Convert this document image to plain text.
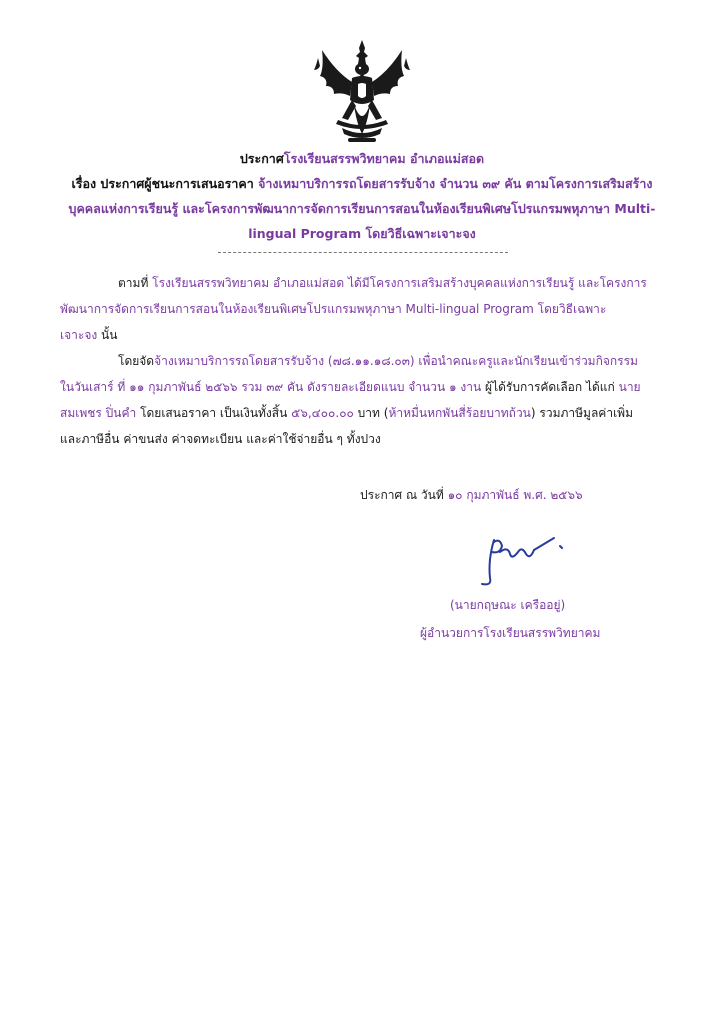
ประกาศโรงเรียนสรรพวิทยาคม อำเภอแม่สอด
เรื่อง ประกาศผู้ชนะการเสนอราคา จ้างเหมาบริการรถโดยสารรับจ้าง จำนวน ๓๙ คัน ตามโครงการเสริมสร้าง
บุคคลแห่งการเรียนรู้ และโครงการพัฒนาการจัดการเรียนการสอนในห้องเรียนพิเศษโปรแกรมพหุภาษา Multi-
lingual Program โดยวิธีเฉพาะเจาะจง
ตามที่ โรงเรียนสรรพวิทยาคม อำเภอแม่สอด ได้มีโครงการเสริมสร้างบุคคลแห่งการเรียนรู้ และโครงการ
พัฒนาการจัดการเรียนการสอนในห้องเรียนพิเศษโปรแกรมพหุภาษา Multi-lingual Program โดยวิธีเฉพาะ
เจาะจง นั้น
โดยจัดจ้างเหมาบริการรถโดยสารรับจ้าง (๗๘.๑๑.๑๘.๐๓) เพื่อนำคณะครูและนักเรียนเข้าร่วมกิจกรรม
ในวันเสาร์ ที่ ๑๑ กุมภาพันธ์ ๒๕๖๖ รวม ๓๙ คัน ดังรายละเอียดแนบ จำนวน ๑ งาน ผู้ได้รับการคัดเลือก ได้แก่ นาย
สมเพชร ปิ่นคำ โดยเสนอราคา เป็นเงินทั้งสิ้น ๕๖,๔๐๐.๐๐ บาท (ห้าหมื่นหกพันสี่ร้อยบาทถ้วน) รวมภาษีมูลค่าเพิ่ม
และภาษีอื่น ค่าขนส่ง ค่าจดทะเบียน และค่าใช้จ่ายอื่น ๆ ทั้งปวง
ประกาศ ณ วันที่ ๑๐ กุมภาพันธ์ พ.ศ. ๒๕๖๖
(นายกฤษณะ เครืออยู่)
ผู้อำนวยการโรงเรียนสรรพวิทยาคม
